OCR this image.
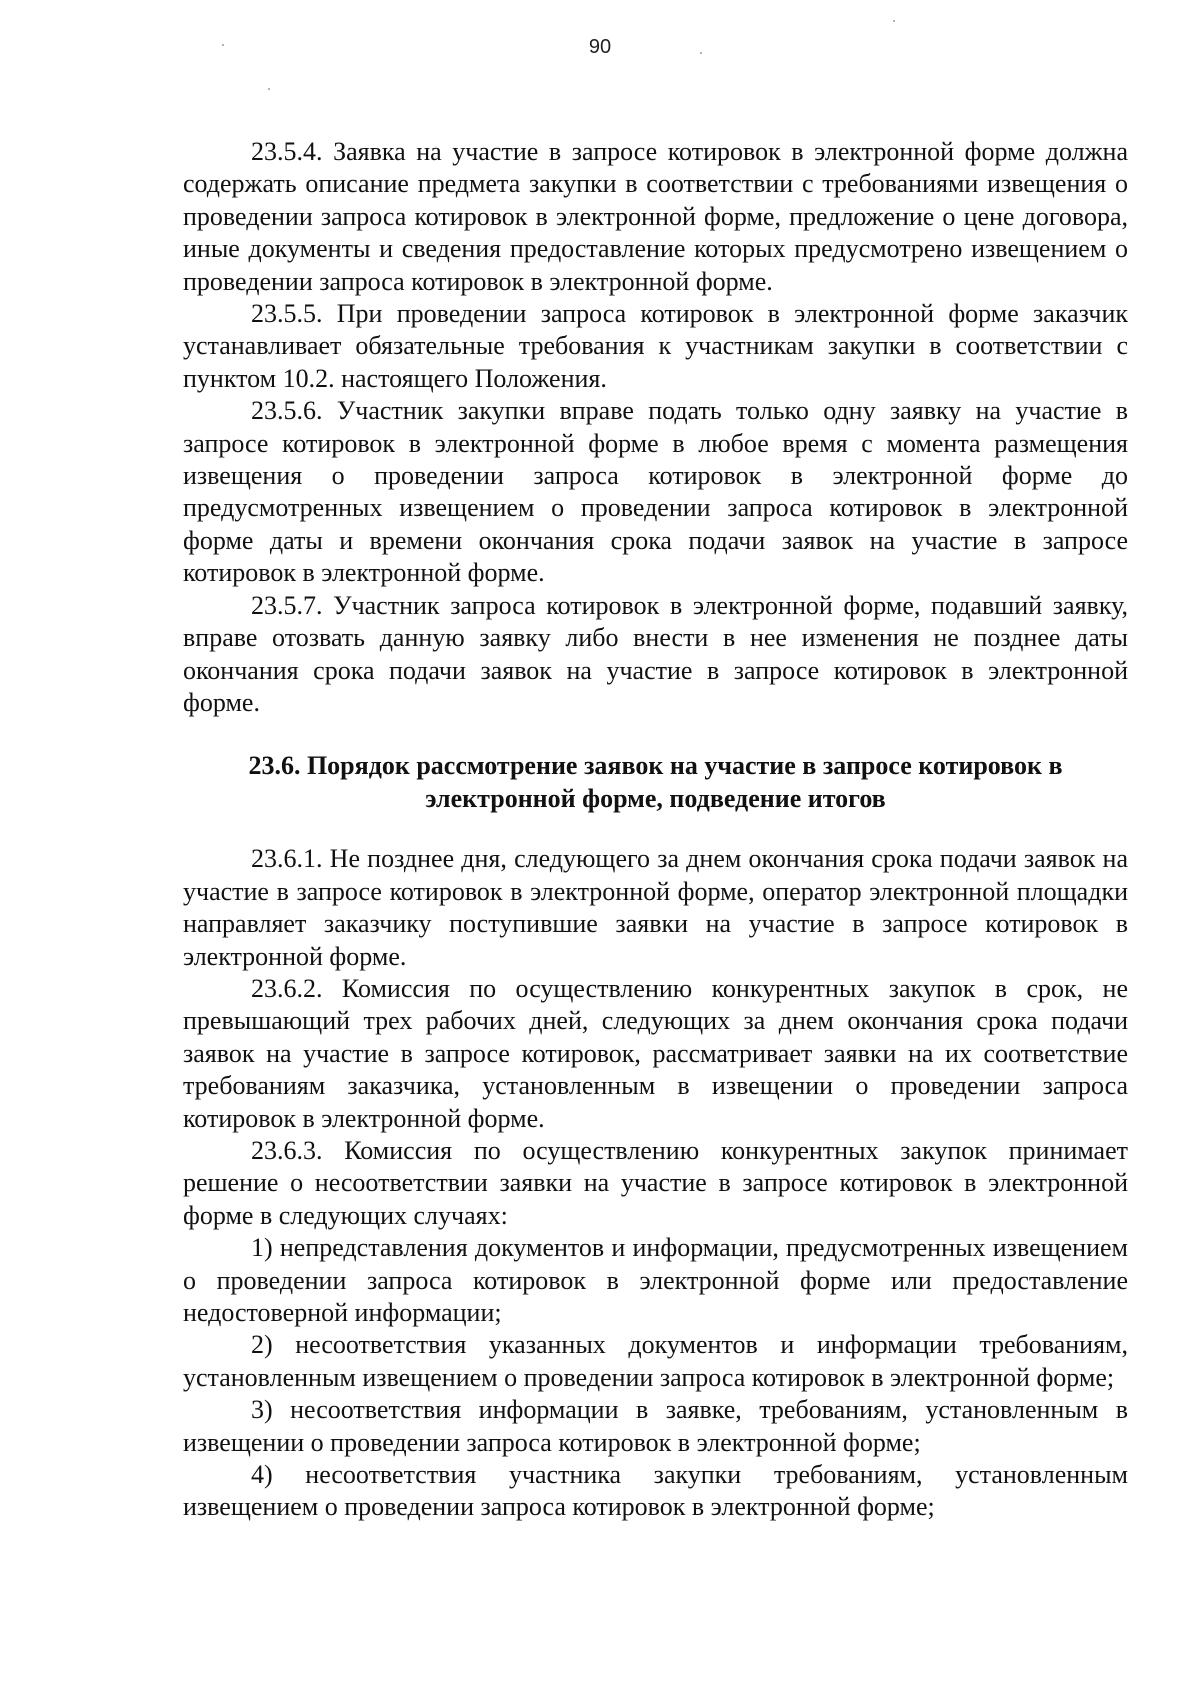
90

23.5.4. Заявка на участие в запросе котировок в электронной форме должна содержать описание предмета закупки в соответствии с требованиями извещения о проведении запроса котировок в электронной форме, предложение о цене договора, иные документы и сведения предоставление которых предусмотрено извещением о проведении запроса котировок в электронной форме.

23.5.5. При проведении запроса котировок в электронной форме заказчик устанавливает обязательные требования к участникам закупки в соответствии с пунктом 10.2. настоящего Положения.

23.5.6. Участник закупки вправе подать только одну заявку на участие в запросе котировок в электронной форме в любое время с момента размещения извещения о проведении запроса котировок в электронной форме до предусмотренных извещением о проведении запроса котировок в электронной форме даты и времени окончания срока подачи заявок на участие в запросе котировок в электронной форме.

23.5.7. Участник запроса котировок в электронной форме, подавший заявку, вправе отозвать данную заявку либо внести в нее изменения не позднее даты окончания срока подачи заявок на участие в запросе котировок в электронной форме.

23.6. Порядок рассмотрение заявок на участие в запросе котировок в
электронной форме, подведение итогов

23.6.1. Не позднее дня, следующего за днем окончания срока подачи заявок на участие в запросе котировок в электронной форме, оператор электронной площадки направляет заказчику поступившие заявки на участие в запросе котировок в электронной форме.

23.6.2. Комиссия по осуществлению конкурентных закупок в срок, не превышающий трех рабочих дней, следующих за днем окончания срока подачи заявок на участие в запросе котировок, рассматривает заявки на их соответствие требованиям заказчика, установленным в извещении о проведении запроса котировок в электронной форме.

23.6.3. Комиссия по осуществлению конкурентных закупок принимает решение о несоответствии заявки на участие в запросе котировок в электронной форме в следующих случаях:

1) непредставления документов и информации, предусмотренных извещением о проведении запроса котировок в электронной форме или предоставление недостоверной информации;

2) несоответствия указанных документов и информации требованиям, установленным извещением о проведении запроса котировок в электронной форме;

3) несоответствия информации в заявке, требованиям, установленным в извещении о проведении запроса котировок в электронной форме;

4) несоответствия участника закупки требованиям, установленным извещением о проведении запроса котировок в электронной форме;
